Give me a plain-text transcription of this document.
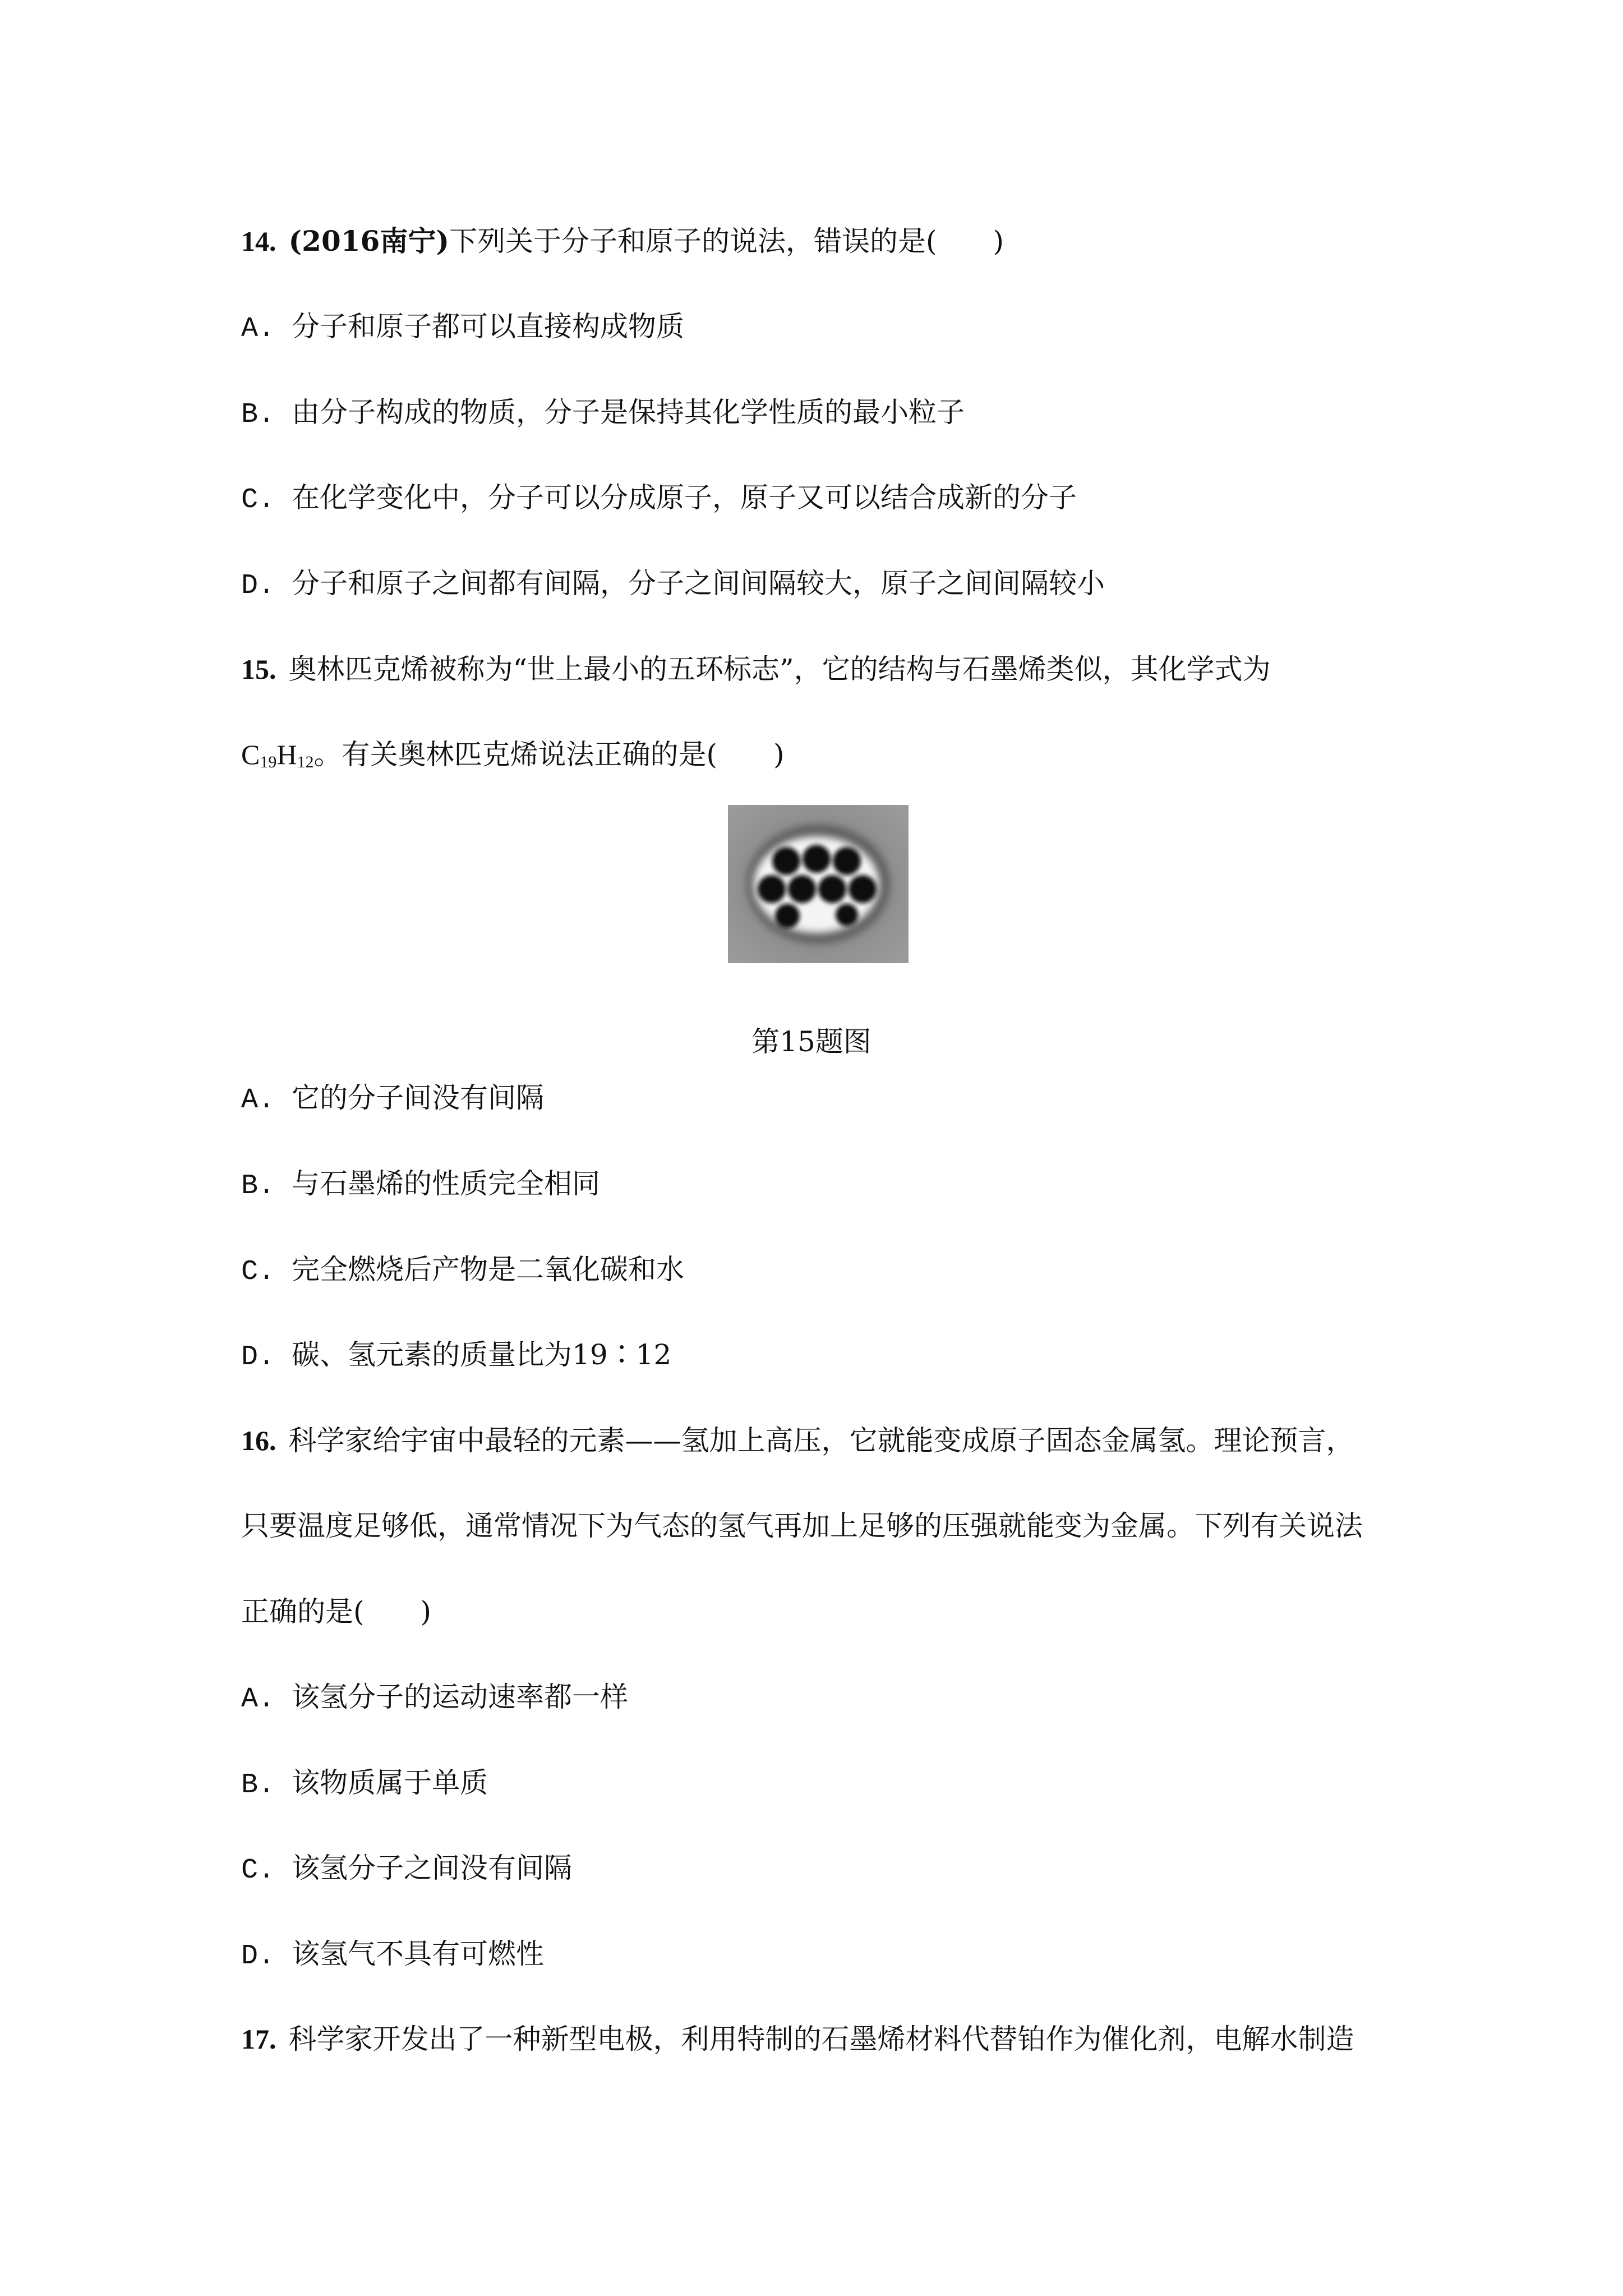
14. (2016南宁)下列关于分子和原子的说法，错误的是(　　)

A. 分子和原子都可以直接构成物质

B. 由分子构成的物质，分子是保持其化学性质的最小粒子

C. 在化学变化中，分子可以分成原子，原子又可以结合成新的分子

D. 分子和原子之间都有间隔，分子之间间隔较大，原子之间间隔较小

15. 奥林匹克烯被称为“世上最小的五环标志”，它的结构与石墨烯类似，其化学式为

$C_{19}H_{12}$。有关奥林匹克烯说法正确的是(　　)

第15题图

A. 它的分子间没有间隔

B. 与石墨烯的性质完全相同

C. 完全燃烧后产物是二氧化碳和水

D. 碳、氢元素的质量比为19∶12

16. 科学家给宇宙中最轻的元素——氢加上高压，它就能变成原子固态金属氢。理论预言，

只要温度足够低，通常情况下为气态的氢气再加上足够的压强就能变为金属。下列有关说法

正确的是(　　)

A. 该氢分子的运动速率都一样

B. 该物质属于单质

C. 该氢分子之间没有间隔

D. 该氢气不具有可燃性

17. 科学家开发出了一种新型电极，利用特制的石墨烯材料代替铂作为催化剂，电解水制造
